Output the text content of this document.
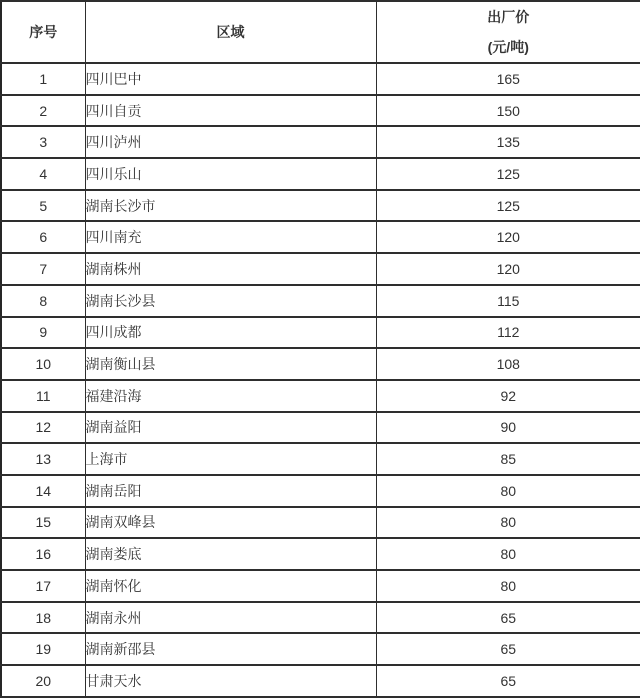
序号	区域	出厂价
(元/吨)

1	四川巴中	165
2	四川自贡	150
3	四川泸州	135
4	四川乐山	125
5	湖南长沙市	125
6	四川南充	120
7	湖南株州	120
8	湖南长沙县	115
9	四川成都	112
10	湖南衡山县	108
11	福建沿海	92
12	湖南益阳	90
13	上海市	85
14	湖南岳阳	80
15	湖南双峰县	80
16	湖南娄底	80
17	湖南怀化	80
18	湖南永州	65
19	湖南新邵县	65
20	甘肃天水	65
